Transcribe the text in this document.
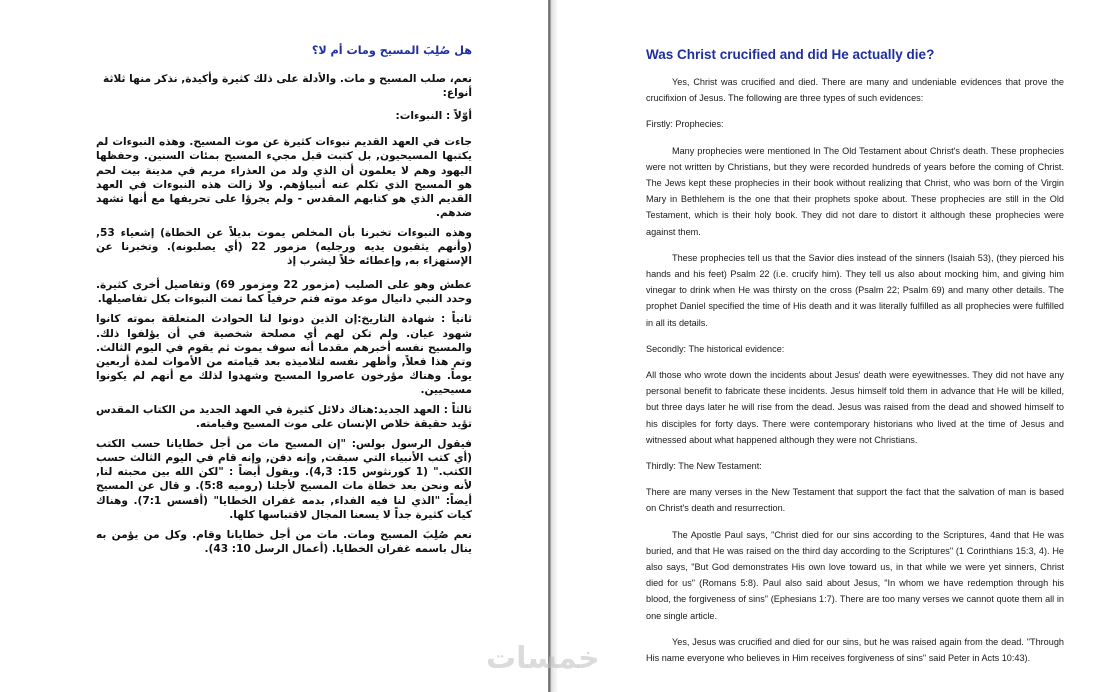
هل صُلِبَ المسيح ومات أم لا؟

نعم، صلب المسيح و مات. والأدلة على ذلك كثيرة وأكيدة, نذكر منها ثلاثة أنواع:

أوّلاً : النبوءات:

جاءت في العهد القديم نبوءات كثيرة عن موت المسيح. وهذه النبوءات لم يكتبها المسيحيون, بل كتبت قبل مجيء المسيح بمئات السنين. وحفظها اليهود وهم لا يعلمون أن الذي ولد من العذراء مريم في مدينة بيت لحم هو المسيح الذي تكلم عنه أنبياؤهم. ولا زالت هذه النبوءات في العهد القديم الذي هو كتابهم المقدس - ولم يجرؤا على تحريفها مع أنها تشهد ضدهم.

وهذه النبوءات تخبرنا بأن المخلص يموت بديلاً عن الخطاة) إشعياء 53, (وأنهم يثقبون يديه ورجليه) مزمور 22 (أي يصلبونه). وتخبرنا عن الإستهزاء به, وإعطائه خلاً ليشرب إذ

عطش وهو على الصليب (مزمور 22 ومزمور 69) وتفاصيل أخرى كثيرة. وحدد النبي دانيال موعد موته فتم حرفياً كما تمت النبوءات بكل تفاصيلها.

ثانياً : شهادة التاريخ:إن الذين دونوا لنا الحوادث المتعلقة بموته كانوا شهود عيان. ولم تكن لهم أي مصلحة شخصية في أن يؤلفوا ذلك. والمسيح نفسه أخبرهم مقدما أنه سوف يموت ثم يقوم في اليوم الثالث. وتم هذا فعلاً, وأظهر نفسه لتلاميذه بعد قيامته من الأموات لمدة أربعين يوماً. وهناك مؤرخون عاصروا المسيح وشهدوا لذلك مع أنهم لم يكونوا مسيحيين.

ثالثاً : العهد الجديد:هناك دلائل كثيرة في العهد الجديد من الكتاب المقدس تؤيد حقيقة خلاص الإنسان على موت المسيح وقيامته.

فيقول الرسول بولس: "إن المسيح مات من أجل خطايانا حسب الكتب (أي كتب الأنبياء التي سبقت, وإنه دفن, وإنه قام في اليوم الثالث حسب الكتب." (1 كورنثوس 15: 4,3). ويقول أيضاً : "لكن الله بين محبته لنا, لأنه ونحن بعد خطاة مات المسيح لأجلنا (روميه 5:8). و قال عن المسيح أيضاً: "الذي لنا فيه الفداء, بدمه غفران الخطايا" (أفسس 7:1). وهناك كيات كثيرة جداً لا يسعنا المجال لاقتباسها كلها.

نعم صُلِبَ المسيح ومات. مات من أجل خطايانا وقام. وكل من يؤمن به ينال باسمه غفران الخطايا. (أعمال الرسل 10: 43).

Was Christ crucified and did He actually die?

Yes, Christ was crucified and died. There are many and undeniable evidences that prove the crucifixion of Jesus. The following are three types of such evidences:

Firstly: Prophecies:

Many prophecies were mentioned In The Old Testament about Christ's death. These prophecies were not written by Christians, but they were recorded hundreds of years before the coming of Christ. The Jews kept these prophecies in their book without realizing that Christ, who was born of the Virgin Mary in Bethlehem is the one that their prophets spoke about. These prophecies are still in the Old Testament, which is their holy book. They did not dare to distort it although these prophecies were against them.

These prophecies tell us that the Savior dies instead of the sinners (Isaiah 53), (they pierced his hands and his feet) Psalm 22 (i.e. crucify him). They tell us also about mocking him, and giving him vinegar to drink when He was thirsty on the cross (Psalm 22; Psalm 69) and many other details. The prophet Daniel specified the time of His death and it was literally fulfilled as all prophecies were fulfilled in all its details.

Secondly: The historical evidence:

All those who wrote down the incidents about Jesus' death were eyewitnesses. They did not have any personal benefit to fabricate these incidents. Jesus himself told them in advance that He will be killed, but three days later he will rise from the dead. Jesus was raised from the dead and showed himself to his disciples for forty days. There were contemporary historians who lived at the time of Jesus and witnessed about what happened although they were not Christians.

Thirdly: The New Testament:

There are many verses in the New Testament that support the fact that the salvation of man is based on Christ's death and resurrection.

The Apostle Paul says, "Christ died for our sins according to the Scriptures, 4and that He was buried, and that He was raised on the third day according to the Scriptures" (1 Corinthians 15:3, 4). He also says, "But God demonstrates His own love toward us, in that while we were yet sinners, Christ died for us" (Romans 5:8). Paul also said about Jesus, "In whom we have redemption through his blood, the forgiveness of sins" (Ephesians 1:7). There are too many verses we cannot quote them all in one single article.

Yes, Jesus was crucified and died for our sins, but he was raised again from the dead. "Through His name everyone who believes in Him receives forgiveness of sins" said Peter in Acts 10:43).

خمسات
